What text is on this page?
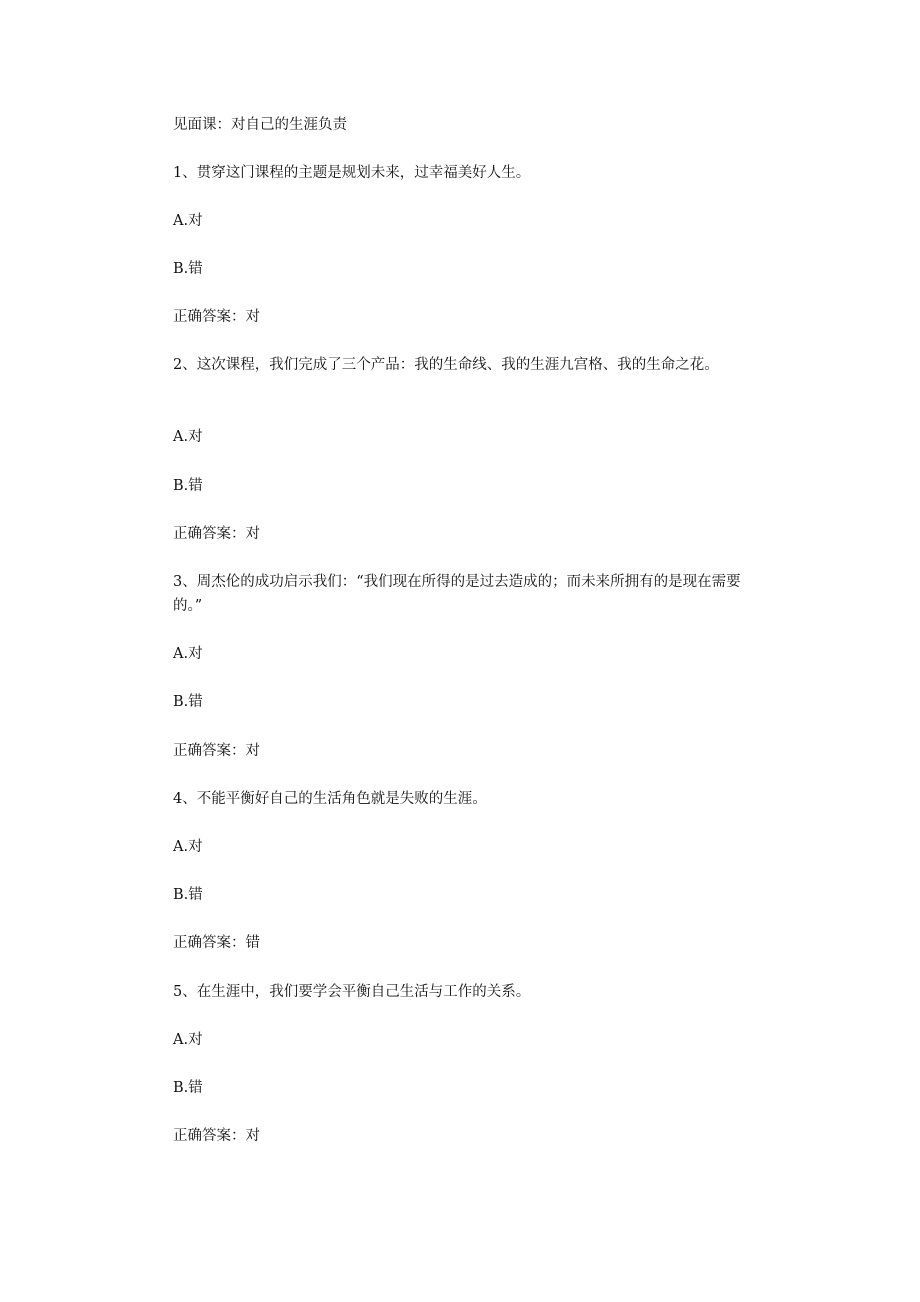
见面课：对自己的生涯负责

1、贯穿这门课程的主题是规划未来，过幸福美好人生。

A.对

B.错

正确答案：对

2、这次课程，我们完成了三个产品：我的生命线、我的生涯九宫格、我的生命之花。

A.对

B.错

正确答案：对

3、周杰伦的成功启示我们：“我们现在所得的是过去造成的；而未来所拥有的是现在需要的。”

A.对

B.错

正确答案：对

4、不能平衡好自己的生活角色就是失败的生涯。

A.对

B.错

正确答案：错

5、在生涯中，我们要学会平衡自己生活与工作的关系。

A.对

B.错

正确答案：对
